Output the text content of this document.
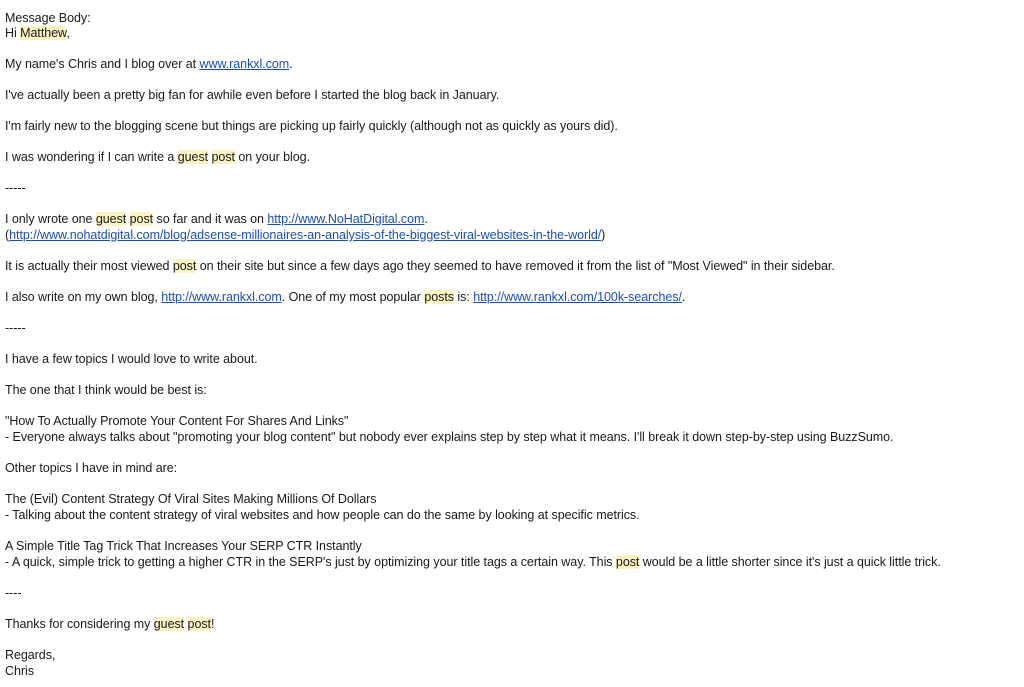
Message Body:
Hi Matthew,
My name's Chris and I blog over at www.rankxl.com.
I've actually been a pretty big fan for awhile even before I started the blog back in January.
I'm fairly new to the blogging scene but things are picking up fairly quickly (although not as quickly as yours did).
I was wondering if I can write a guest post on your blog.
-----
I only wrote one guest post so far and it was on http://www.NoHatDigital.com.
(http://www.nohatdigital.com/blog/adsense-millionaires-an-analysis-of-the-biggest-viral-websites-in-the-world/)
It is actually their most viewed post on their site but since a few days ago they seemed to have removed it from the list of "Most Viewed" in their sidebar.
I also write on my own blog, http://www.rankxl.com. One of my most popular posts is: http://www.rankxl.com/100k-searches/.
-----
I have a few topics I would love to write about.
The one that I think would be best is:
"How To Actually Promote Your Content For Shares And Links"
- Everyone always talks about "promoting your blog content" but nobody ever explains step by step what it means. I'll break it down step-by-step using BuzzSumo.
Other topics I have in mind are:
The (Evil) Content Strategy Of Viral Sites Making Millions Of Dollars
- Talking about the content strategy of viral websites and how people can do the same by looking at specific metrics.
A Simple Title Tag Trick That Increases Your SERP CTR Instantly
- A quick, simple trick to getting a higher CTR in the SERP's just by optimizing your title tags a certain way. This post would be a little shorter since it's just a quick little trick.
----
Thanks for considering my guest post!
Regards,
Chris
